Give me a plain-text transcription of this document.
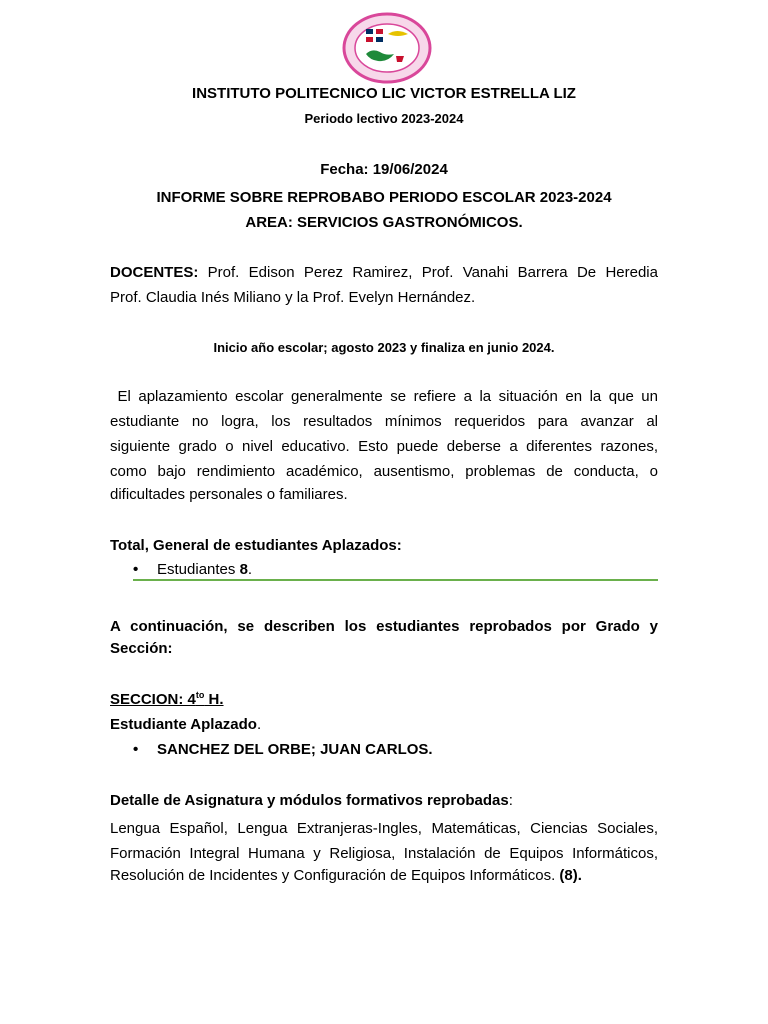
INSTITUTO POLITECNICO LIC VICTOR ESTRELLA LIZ
Periodo lectivo 2023-2024
Fecha: 19/06/2024
INFORME SOBRE REPROBABO PERIODO ESCOLAR 2023-2024
AREA: SERVICIOS GASTRONÓMICOS.
DOCENTES: Prof. Edison Perez Ramirez, Prof. Vanahi Barrera De Heredia
Prof. Claudia Inés Miliano y la Prof. Evelyn Hernández.
Inicio año escolar; agosto 2023 y finaliza en junio 2024.
El aplazamiento escolar generalmente se refiere a la situación en la que un
estudiante no logra, los resultados mínimos requeridos para avanzar al
siguiente grado o nivel educativo. Esto puede deberse a diferentes razones,
como bajo rendimiento académico, ausentismo, problemas de conducta, o
dificultades personales o familiares.
Total, General de estudiantes Aplazados:
• Estudiantes 8.
A continuación, se describen los estudiantes reprobados por Grado y
Sección:
SECCION: $4^{to}$ H.
Estudiante Aplazado.
• SANCHEZ DEL ORBE; JUAN CARLOS.
Detalle de Asignatura y módulos formativos reprobadas:
Lengua Español, Lengua Extranjeras-Ingles, Matemáticas, Ciencias Sociales,
Formación Integral Humana y Religiosa, Instalación de Equipos Informáticos,
Resolución de Incidentes y Configuración de Equipos Informáticos. (8).
